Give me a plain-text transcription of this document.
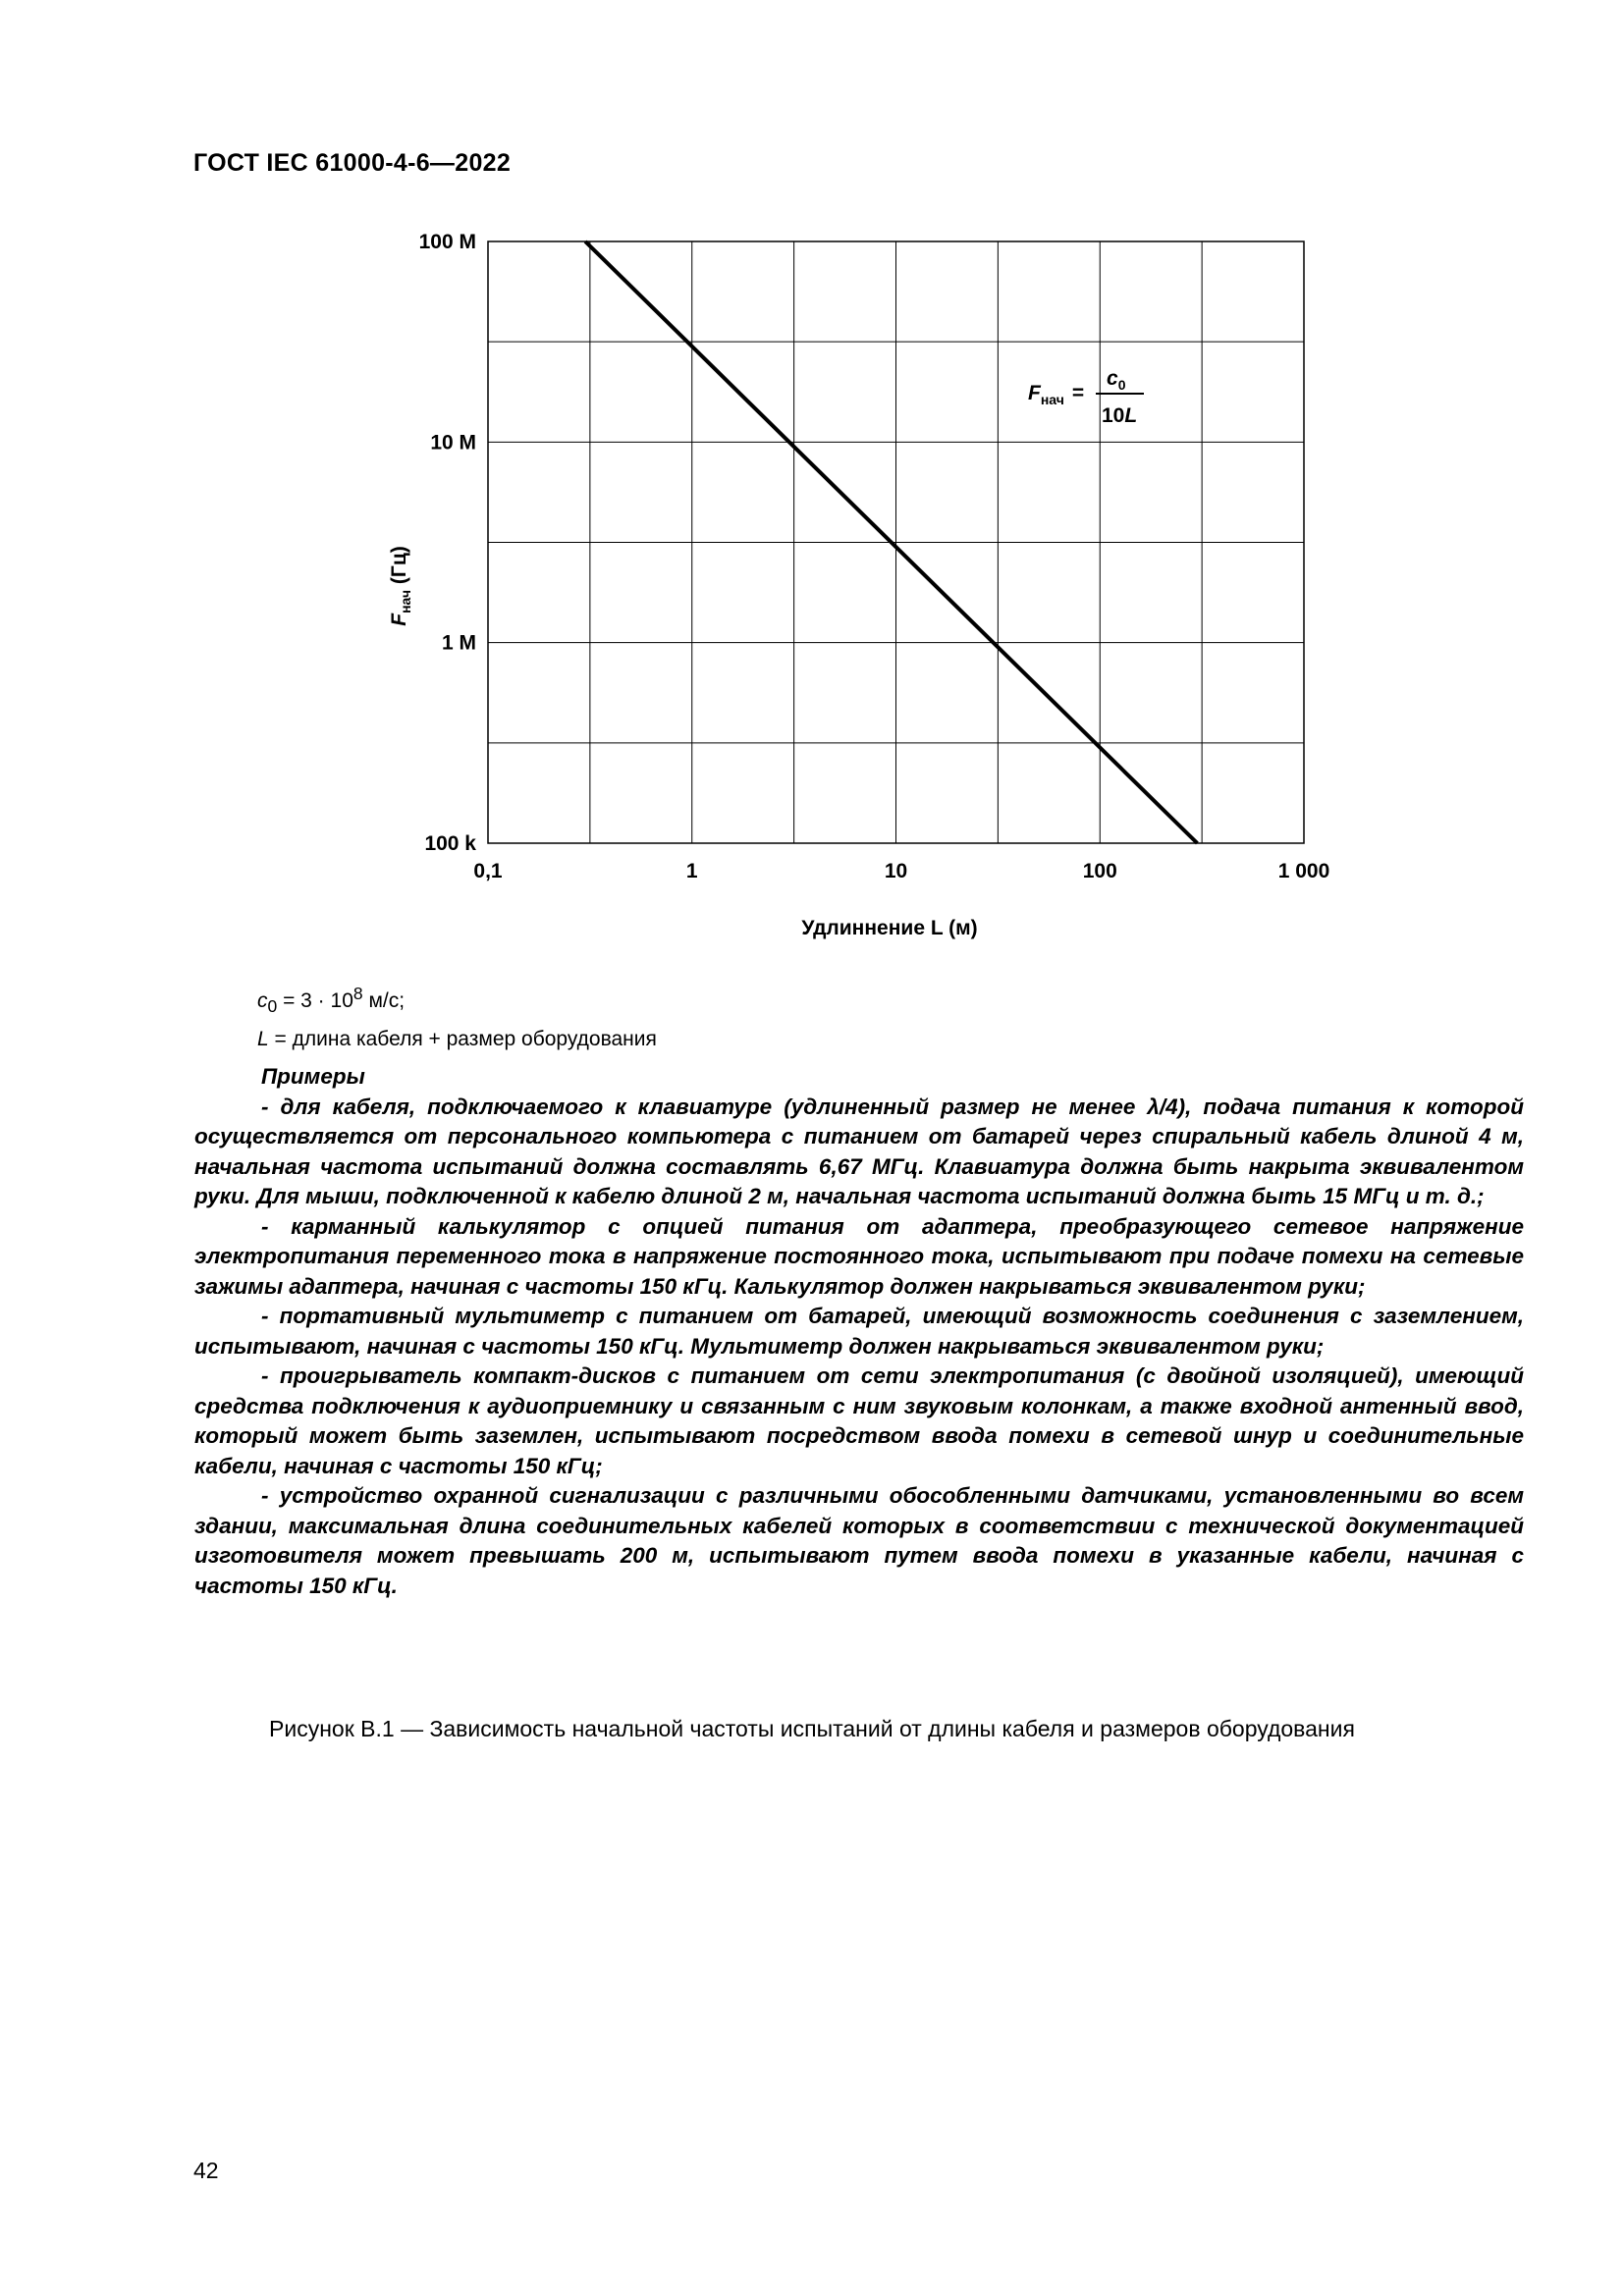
ГОСТ IEC 61000-4-6—2022
0,1	1	10	100	1 000
100 k
1 M
10 M
100 M
$F_{нач}$ (Гц)
Удлиннение L (м)
$F_{нач}$ =
$c_0$
10L
$c_0 = 3 \cdot 10^8$ м/с;
L = длина кабеля + размер оборудования

Примеры

- для кабеля, подключаемого к клавиатуре (удлиненный размер не менее λ/4), подача питания к которой осуществляется от персонального компьютера с питанием от батарей через спиральный кабель длиной 4 м, начальная частота испытаний должна составлять 6,67 МГц. Клавиатура должна быть накрыта эквивалентом руки. Для мыши, подключенной к кабелю длиной 2 м, начальная частота испытаний должна быть 15 МГц и т. д.;

- карманный калькулятор с опцией питания от адаптера, преобразующего сетевое напряжение электропитания переменного тока в напряжение постоянного тока, испытывают при подаче помехи на сетевые зажимы адаптера, начиная с частоты 150 кГц. Калькулятор должен накрываться эквивалентом руки;

- портативный мультиметр с питанием от батарей, имеющий возможность соединения с заземлением, испытывают, начиная с частоты 150 кГц. Мультиметр должен накрываться эквивалентом руки;

- проигрыватель компакт-дисков с питанием от сети электропитания (с двойной изоляцией), имеющий средства подключения к аудиоприемнику и связанным с ним звуковым колонкам, а также входной антенный ввод, который может быть заземлен, испытывают посредством ввода помехи в сетевой шнур и соединительные кабели, начиная с частоты 150 кГц;

- устройство охранной сигнализации с различными обособленными датчиками, установленными во всем здании, максимальная длина соединительных кабелей которых в соответствии с технической документацией изготовителя может превышать 200 м, испытывают путем ввода помехи в указанные кабели, начиная с частоты 150 кГц.

Рисунок В.1 — Зависимость начальной частоты испытаний от длины кабеля и размеров оборудования
42
